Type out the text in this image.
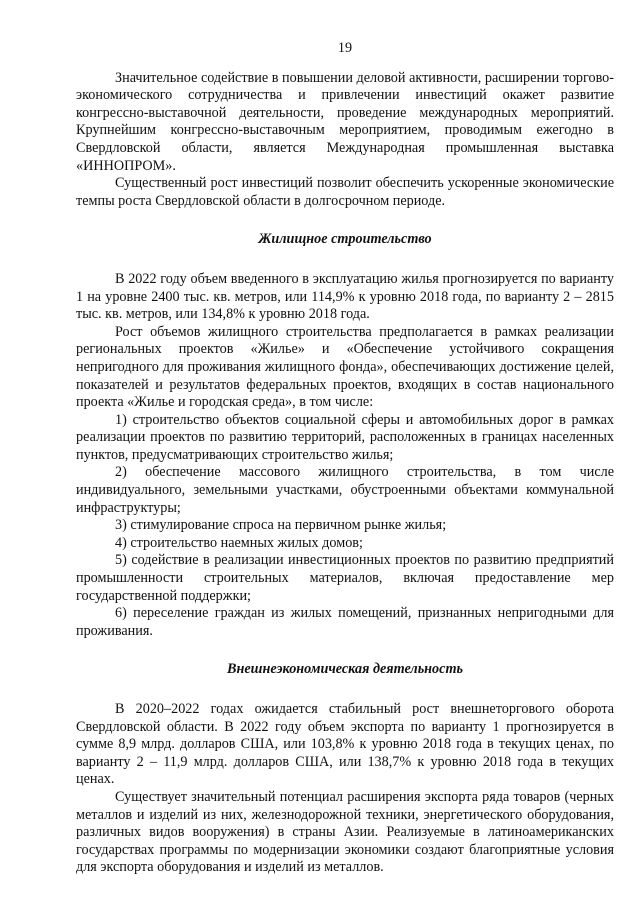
19

Значительное содействие в повышении деловой активности, расширении торгово-экономического сотрудничества и привлечении инвестиций окажет развитие конгрессно-выставочной деятельности, проведение международных мероприятий. Крупнейшим конгрессно-выставочным мероприятием, проводимым ежегодно в Свердловской области, является Международная промышленная выставка «ИННОПРОМ».

Существенный рост инвестиций позволит обеспечить ускоренные экономические темпы роста Свердловской области в долгосрочном периоде.

Жилищное строительство

В 2022 году объем введенного в эксплуатацию жилья прогнозируется по варианту 1 на уровне 2400 тыс. кв. метров, или 114,9% к уровню 2018 года, по варианту 2 – 2815 тыс. кв. метров, или 134,8% к уровню 2018 года.

Рост объемов жилищного строительства предполагается в рамках реализации региональных проектов «Жилье» и «Обеспечение устойчивого сокращения непригодного для проживания жилищного фонда», обеспечивающих достижение целей, показателей и результатов федеральных проектов, входящих в состав национального проекта «Жилье и городская среда», в том числе:

1) строительство объектов социальной сферы и автомобильных дорог в рамках реализации проектов по развитию территорий, расположенных в границах населенных пунктов, предусматривающих строительство жилья;

2) обеспечение массового жилищного строительства, в том числе индивидуального, земельными участками, обустроенными объектами коммунальной инфраструктуры;

3) стимулирование спроса на первичном рынке жилья;

4) строительство наемных жилых домов;

5) содействие в реализации инвестиционных проектов по развитию предприятий промышленности строительных материалов, включая предоставление мер государственной поддержки;

6) переселение граждан из жилых помещений, признанных непригодными для проживания.

Внешнеэкономическая деятельность

В 2020–2022 годах ожидается стабильный рост внешнеторгового оборота Свердловской области. В 2022 году объем экспорта по варианту 1 прогнозируется в сумме 8,9 млрд. долларов США, или 103,8% к уровню 2018 года в текущих ценах, по варианту 2 – 11,9 млрд. долларов США, или 138,7% к уровню 2018 года в текущих ценах.

Существует значительный потенциал расширения экспорта ряда товаров (черных металлов и изделий из них, железнодорожной техники, энергетического оборудования, различных видов вооружения) в страны Азии. Реализуемые в латиноамериканских государствах программы по модернизации экономики создают благоприятные условия для экспорта оборудования и изделий из металлов.
